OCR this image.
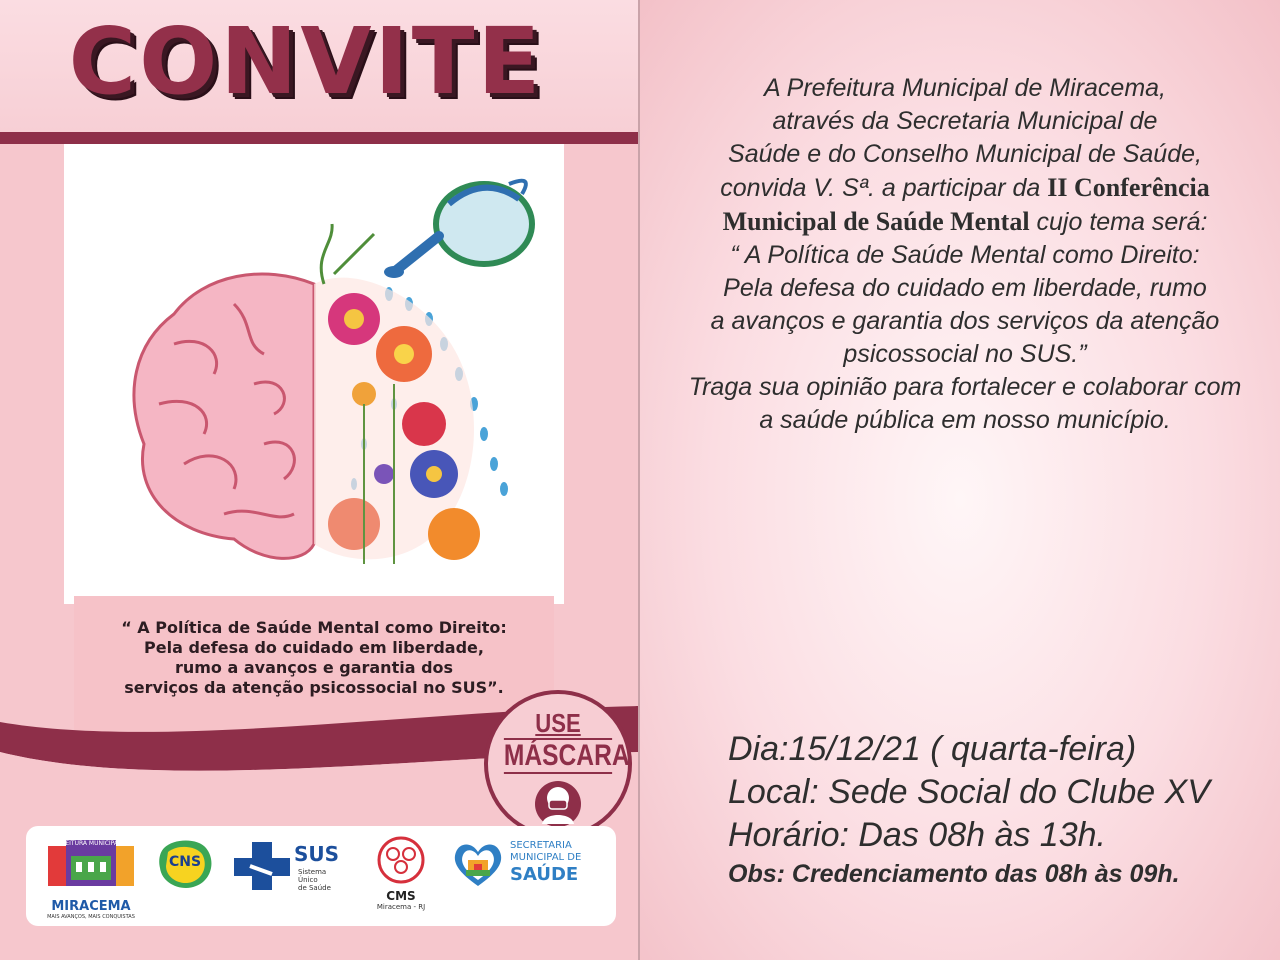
CONVITE
“ A Política de Saúde Mental como Direito:
Pela defesa do cuidado em liberdade,
rumo a avanços e garantia dos
serviços da atenção psicossocial no SUS”.
USE
MÁSCARA
PREFEITURA MUNICIPAL DE
MIRACEMA
MAIS AVANÇOS, MAIS CONQUISTAS
CNS	SUS
Sistema
Único
de Saúde
CMS
Miracema - RJ
SECRETARIA
MUNICIPAL DE
SAÚDE
A Prefeitura Municipal de Miracema,
através da Secretaria Municipal de
Saúde e do Conselho Municipal de Saúde,
convida V. Sª. a participar da II Conferência
Municipal de Saúde Mental cujo tema será:
“ A Política de Saúde Mental como Direito:
Pela defesa do cuidado em liberdade, rumo
a avanços e garantia dos serviços da atenção
psicossocial no SUS.”
Traga sua opinião para fortalecer e colaborar com
a saúde pública em nosso município.
Dia:15/12/21 ( quarta-feira)
Local: Sede Social do Clube XV
Horário: Das 08h às 13h.
Obs: Credenciamento das 08h às 09h.
